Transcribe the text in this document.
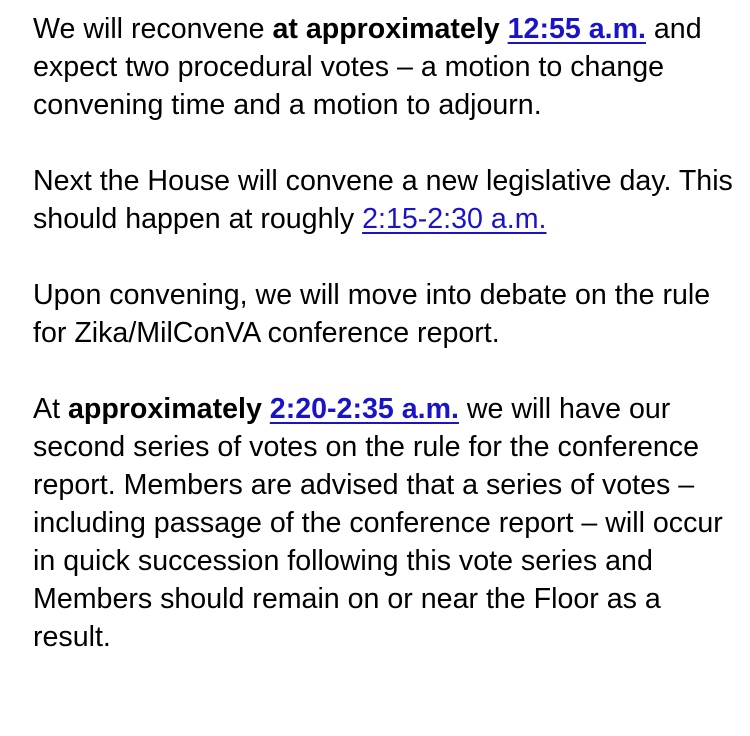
We will reconvene at approximately 12:55 a.m. and expect two procedural votes – a motion to change convening time and a motion to adjourn.

Next the House will convene a new legislative day. This should happen at roughly 2:15-2:30 a.m.

Upon convening, we will move into debate on the rule for Zika/MilConVA conference report.

At approximately 2:20-2:35 a.m. we will have our second series of votes on the rule for the conference report. Members are advised that a series of votes – including passage of the conference report – will occur in quick succession following this vote series and Members should remain on or near the Floor as a result.
